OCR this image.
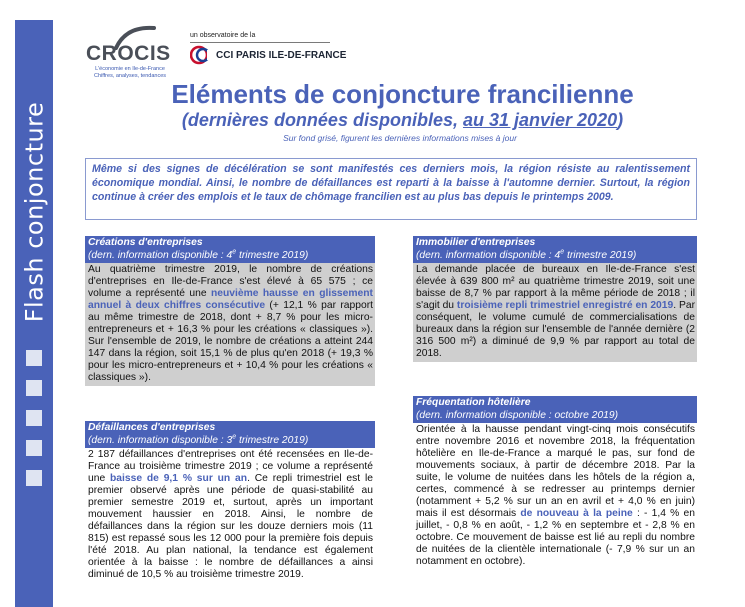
Flash conjoncture
CROCIS
L'économie en Ile-de-France
Chiffres, analyses, tendances
un observatoire de la
CCI PARIS ILE-DE-FRANCE
Eléments de conjoncture francilienne
(dernières données disponibles, au 31 janvier 2020)
Sur fond grisé, figurent les dernières informations mises à jour
Même si des signes de décélération se sont manifestés ces derniers mois, la région résiste au ralentissement économique mondial. Ainsi, le nombre de défaillances est reparti à la baisse à l'automne dernier. Surtout, la région continue à créer des emplois et le taux de chômage francilien est au plus bas depuis le printemps 2009.
Créations d'entreprises
(dern. information disponible : 4e trimestre 2019)
Au quatrième trimestre 2019, le nombre de créations d'entreprises en Ile-de-France s'est élevé à 65 575 ; ce volume a représenté une neuvième hausse en glissement annuel à deux chiffres consécutive (+ 12,1 % par rapport au même trimestre de 2018, dont + 8,7 % pour les micro-entrepreneurs et + 16,3 % pour les créations « classiques »). Sur l'ensemble de 2019, le nombre de créations a atteint 244 147 dans la région, soit 15,1 % de plus qu'en 2018 (+ 19,3 % pour les micro-entrepreneurs et + 10,4 % pour les créations « classiques »).
Défaillances d'entreprises
(dern. information disponible : 3e trimestre 2019)
2 187 défaillances d'entreprises ont été recensées en Ile-de-France au troisième trimestre 2019 ; ce volume a représenté une baisse de 9,1 % sur un an. Ce repli trimestriel est le premier observé après une période de quasi-stabilité au premier semestre 2019 et, surtout, après un important mouvement haussier en 2018. Ainsi, le nombre de défaillances dans la région sur les douze derniers mois (11 815) est repassé sous les 12 000 pour la première fois depuis l'été 2018. Au plan national, la tendance est également orientée à la baisse : le nombre de défaillances a ainsi diminué de 10,5 % au troisième trimestre 2019.
Immobilier d'entreprises
(dern. information disponible : 4e trimestre 2019)
La demande placée de bureaux en Ile-de-France s'est élevée à 639 800 m² au quatrième trimestre 2019, soit une baisse de 8,7 % par rapport à la même période de 2018 ; il s'agit du troisième repli trimestriel enregistré en 2019. Par conséquent, le volume cumulé de commercialisations de bureaux dans la région sur l'ensemble de l'année dernière (2 316 500 m²) a diminué de 9,9 % par rapport au total de 2018.
Fréquentation hôtelière
(dern. information disponible : octobre 2019)
Orientée à la hausse pendant vingt-cinq mois consécutifs entre novembre 2016 et novembre 2018, la fréquentation hôtelière en Ile-de-France a marqué le pas, sur fond de mouvements sociaux, à partir de décembre 2018. Par la suite, le volume de nuitées dans les hôtels de la région a, certes, commencé à se redresser au printemps dernier (notamment + 5,2 % sur un an en avril et + 4,0 % en juin) mais il est désormais de nouveau à la peine : - 1,4 % en juillet, - 0,8 % en août, - 1,2 % en septembre et - 2,8 % en octobre. Ce mouvement de baisse est lié au repli du nombre de nuitées de la clientèle internationale (- 7,9 % sur un an notamment en octobre).
